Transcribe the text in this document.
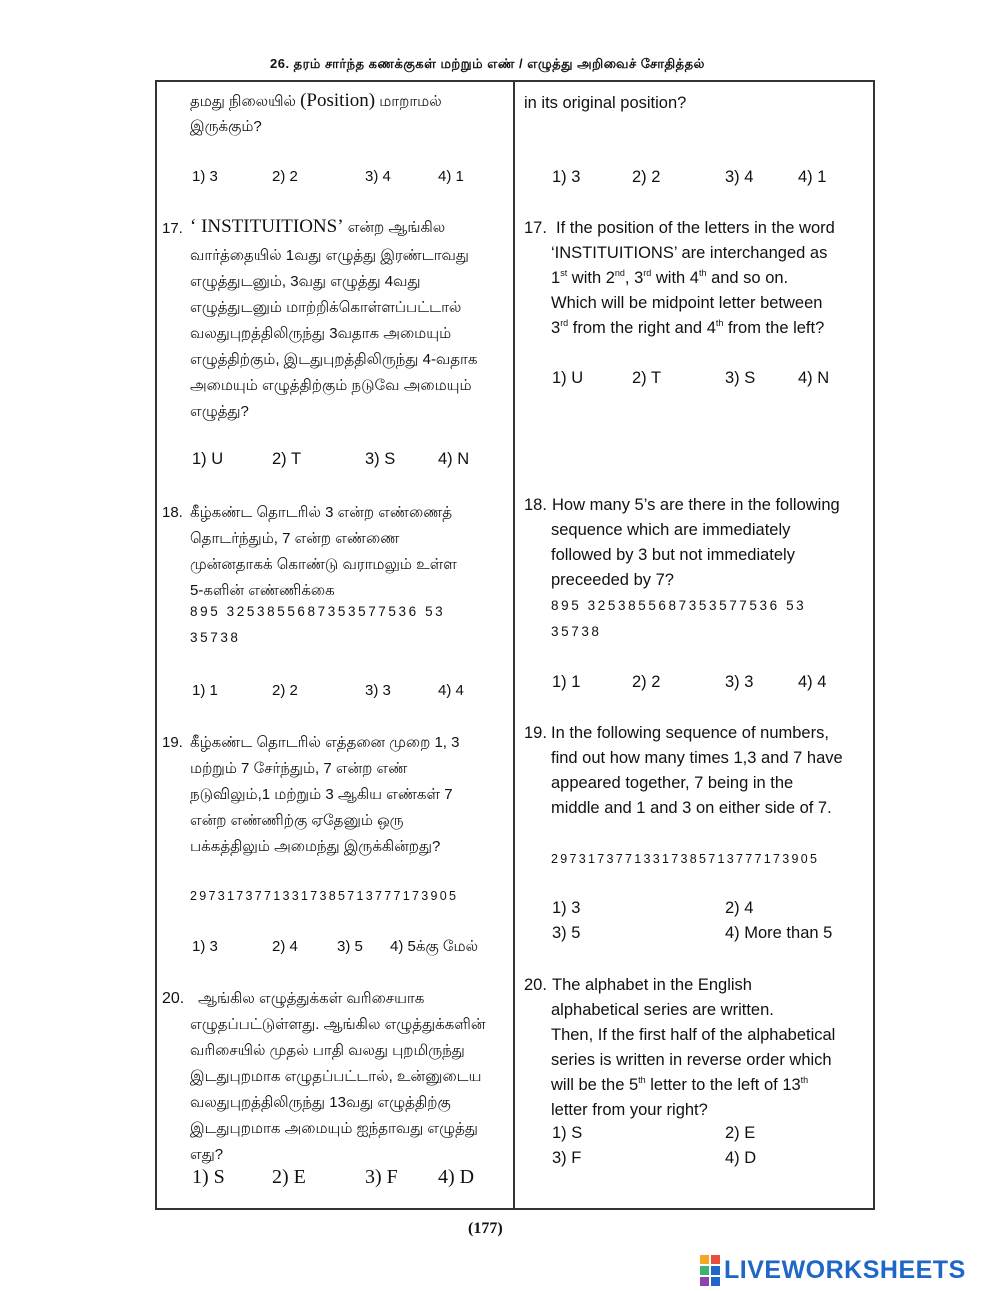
26. தரம் சார்ந்த கணக்குகள் மற்றும் எண் / எழுத்து அறிவைச் சோதித்தல்
தமது நிலையில் (Position) மாறாமல்
இருக்கும்?
in its original position?
1) 3	2) 2	3) 4	4) 1	1) 3	2) 2	3) 4	4) 1
17. ‘ INSTITUITIONS’ என்ற ஆங்கில
வார்த்தையில் 1வது எழுத்து இரண்டாவது
எழுத்துடனும், 3வது எழுத்து 4வது
எழுத்துடனும் மாற்றிக்கொள்ளப்பட்டால்
வலதுபுறத்திலிருந்து 3வதாக அமையும்
எழுத்திற்கும், இடதுபுறத்திலிருந்து 4-வதாக
அமையும் எழுத்திற்கும் நடுவே அமையும்
எழுத்து?
1) U	2) T	3) S	4) N
17. If the position of the letters in the word
‘INSTITUITIONS’ are interchanged as
1st with 2nd, 3rd with 4th and so on.
Which will be midpoint letter between
3rd from the right and 4th from the left?
1) U	2) T	3) S	4) N
18. கீழ்கண்ட தொடரில் 3 என்ற எண்ணைத்
தொடர்ந்தும், 7 என்ற எண்ணை
முன்னதாகக் கொண்டு வராமலும் உள்ள
5-களின் எண்ணிக்கை
895 3253855687353577536 53
35738
1) 1	2) 2	3) 3	4) 4
18. How many 5’s are there in the following
sequence which are immediately
followed by 3 but not immediately
preceeded by 7?
895 3253855687353577536 53
35738
1) 1	2) 2	3) 3	4) 4
19. கீழ்கண்ட தொடரில் எத்தனை முறை 1, 3
மற்றும் 7 சேர்ந்தும், 7 என்ற எண்
நடுவிலும்,1 மற்றும் 3 ஆகிய எண்கள் 7
என்ற எண்ணிற்கு ஏதேனும் ஒரு
பக்கத்திலும் அமைந்து இருக்கின்றது?
29731737713317385713777173905
1) 3	2) 4	3) 5 4) 5க்கு மேல்
19. In the following sequence of numbers,
find out how many times 1,3 and 7 have
appeared together, 7 being in the
middle and 1 and 3 on either side of 7.
29731737713317385713777173905
1) 3	2) 4
3) 5	4) More than 5
20. ஆங்கில எழுத்துக்கள் வரிசையாக
எழுதப்பட்டுள்ளது. ஆங்கில எழுத்துக்களின்
வரிசையில் முதல் பாதி வலது புறமிருந்து
இடதுபுறமாக எழுதப்பட்டால், உன்னுடைய
வலதுபுறத்திலிருந்து 13வது எழுத்திற்கு
இடதுபுறமாக அமையும் ஐந்தாவது எழுத்து
எது?
1) S 2) E	3) F 4) D
20. The alphabet in the English
alphabetical series are written.
Then, If the first half of the alphabetical
series is written in reverse order which
will be the 5th letter to the left of 13th
letter from your right?
1) S	2) E
3) F	4) D
(177)
LIVEWORKSHEETS
